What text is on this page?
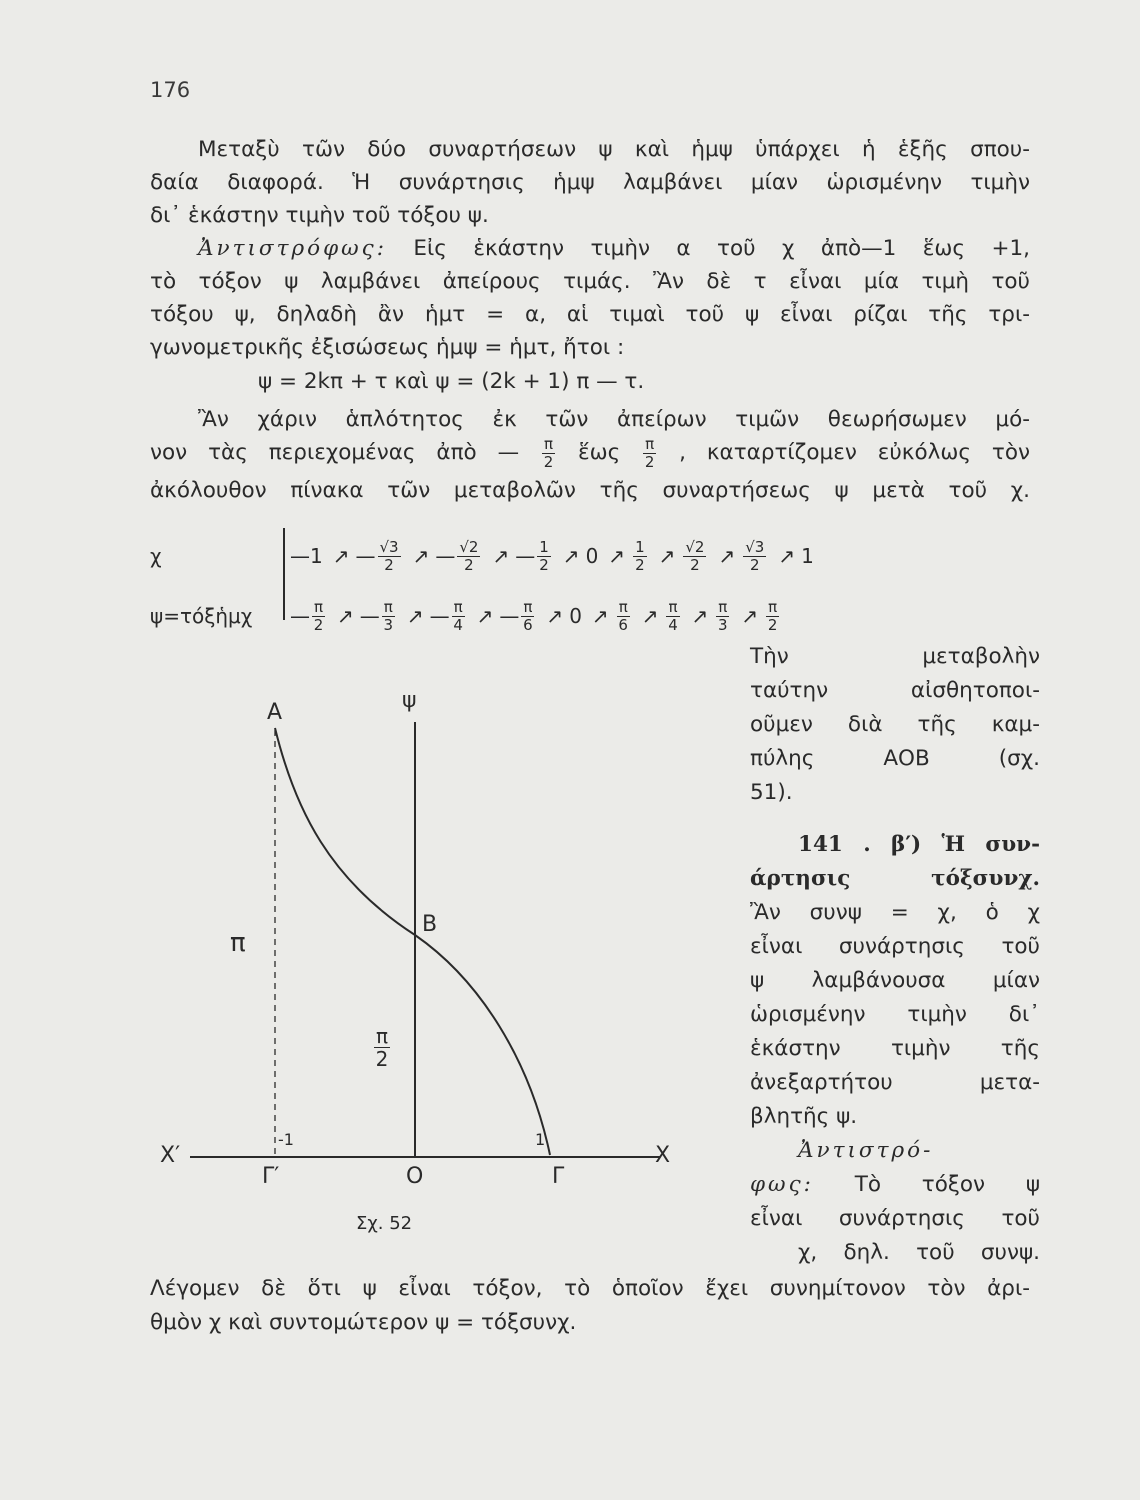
176
Μεταξὺ τῶν δύο συναρτήσεων ψ καὶ ἡμψ ὑπάρχει ἡ ἑξῆς σπου-
δαία διαφορά. Ἡ συνάρτησις ἡμψ λαμβάνει μίαν ὡρισμένην τιμὴν
δι᾽ ἑκάστην τιμὴν τοῦ τόξου ψ.
Ἀντιστρόφως: Εἰς ἑκάστην τιμὴν α τοῦ χ ἀπὸ—1 ἕως +1,
τὸ τόξον ψ λαμβάνει ἀπείρους τιμάς. Ἂν δὲ τ εἶναι μία τιμὴ τοῦ
τόξου ψ, δηλαδὴ ἂν ἡμτ = α, αἱ τιμαὶ τοῦ ψ εἶναι ρίζαι τῆς τρι-
γωνομετρικῆς ἐξισώσεως ἡμψ = ἡμτ, ἤτοι :
ψ = 2kπ + τ καὶ ψ = (2k + 1) π — τ.
Ἂν χάριν ἁπλότητος ἐκ τῶν ἀπείρων τιμῶν θεωρήσωμεν μό-
νον τὰς περιεχομένας ἀπὸ — $\frac{\pi}{2}$ ἕως $\frac{\pi}{2}$ , καταρτίζομεν εὐκόλως τὸν
ἀκόλουθον πίνακα τῶν μεταβολῶν τῆς συναρτήσεως ψ μετὰ τοῦ χ.
χ	— 1 ↗ — $\frac{√3}{2}$ ↗ — $\frac{√2}{2}$ ↗ — $\frac{1}{2}$ ↗ 0 ↗ $\frac{1}{2}$ ↗ $\frac{√2}{2}$ ↗ $\frac{√3}{2}$ ↗ 1
ψ=τόξἡμχ	— $\frac{\pi}{2}$ ↗ — $\frac{\pi}{3}$ ↗ — $\frac{\pi}{4}$ ↗ — $\frac{\pi}{6}$ ↗ 0 ↗ $\frac{\pi}{6}$ ↗ $\frac{\pi}{4}$ ↗ $\frac{\pi}{3}$ ↗ $\frac{\pi}{2}$
Τὴν μεταβολὴν
ταύτην αἰσθητοποι-
οῦμεν διὰ τῆς καμ-
πύλης ΑΟΒ (σχ.
51).
141 . β′) Ἡ συν-
άρτησις τόξσυνχ.
Ἂν συνψ = χ, ὁ χ
εἶναι συνάρτησις τοῦ
ψ λαμβάνουσα μίαν
ὡρισμένην τιμὴν δι᾽
ἑκάστην τιμὴν τῆς
ἀνεξαρτήτου μετα-
βλητῆς ψ.
Ἀντιστρό-
φως: Τὸ τόξον ψ
εἶναι συνάρτησις τοῦ
χ, δηλ. τοῦ συνψ.
A	ψ
π
B
$\frac{\pi}{2}$
-1	1
X′	X
Γ′	O	Γ
Σχ. 52
Λέγομεν δὲ ὅτι ψ εἶναι τόξον, τὸ ὁποῖον ἔχει συνημίτονον τὸν ἀρι-
θμὸν χ καὶ συντομώτερον ψ = τόξσυνχ.
